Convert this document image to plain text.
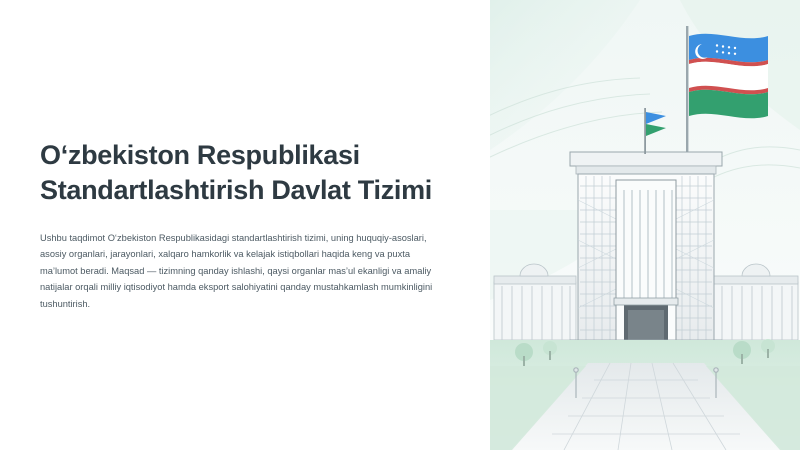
O‘zbekiston Respublikasi Standartlashtirish Davlat Tizimi

Ushbu taqdimot O‘zbekiston Respublikasidagi standartlashtirish tizimi, uning huquqiy-asoslari, asosiy organlari, jarayonlari, xalqaro hamkorlik va kelajak istiqbollari haqida keng va puxta ma’lumot beradi. Maqsad — tizimning qanday ishlashi, qaysi organlar mas’ul ekanligi va amaliy natijalar orqali milliy iqtisodiyot hamda eksport salohiyatini qanday mustahkamlash mumkinligini tushuntirish.
